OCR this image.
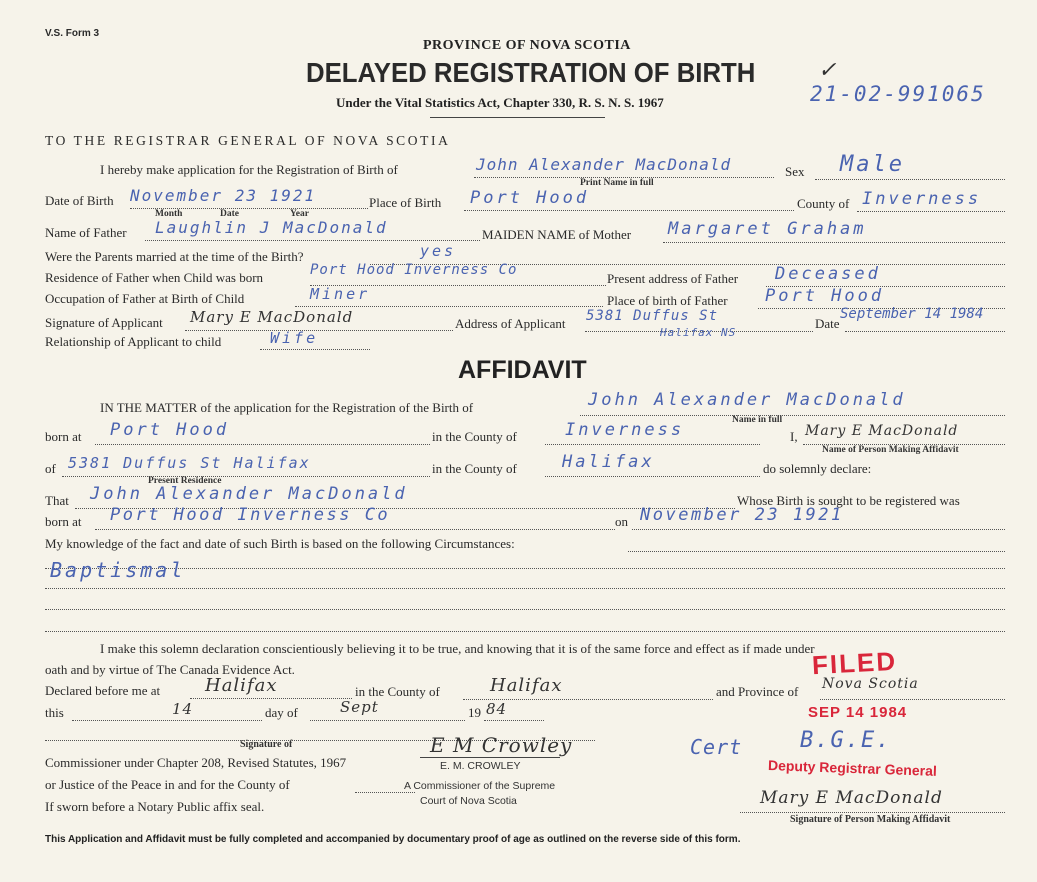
V.S. Form 3
PROVINCE OF NOVA SCOTIA
DELAYED REGISTRATION OF BIRTH	✓
Under the Vital Statistics Act, Chapter 330, R. S. N. S. 1967	21-02-991065
TO THE REGISTRAR GENERAL OF NOVA SCOTIA
I hereby make application for the Registration of Birth of	John Alexander MacDonald	Sex Male
Print Name in full
Date of Birth November 23 1921	Place of Birth Port Hood	County of Inverness
Month	Date	Year
Name of Father Laughlin J MacDonald	MAIDEN NAME of Mother Margaret Graham
Were the Parents married at the time of the Birth?	yes
Residence of Father when Child was born	Port Hood Inverness Co
Present address of Father Deceased
Occupation of Father at Birth of Child	Miner	Place of birth of Father Port Hood
Signature of Applicant Mary E MacDonald	Address of Applicant 5381 Duffus St
Halifax NS
Date
September 14 1984
Relationship of Applicant to child	Wife
AFFIDAVIT
IN THE MATTER of the application for the Registration of the Birth of	John Alexander MacDonald
Name in full
born at Port Hood	in the County of	Inverness	I, Mary E MacDonald
Name of Person Making Affidavit
of 5381 Duffus St Halifax	in the County of	Halifax	do solemnly declare:
Present Residence
That John Alexander MacDonald	Whose Birth is sought to be registered was
born at Port Hood Inverness Co	on November 23 1921
My knowledge of the fact and date of such Birth is based on the following Circumstances:
Baptismal
I make this solemn declaration conscientiously believing it to be true, and knowing that it is of the same force and effect as if made under
oath and by virtue of The Canada Evidence Act.
Declared before me at Halifax	in the County of	Halifax	and Province of Nova Scotia
this	14	day of	Sept	19 84
Signature of
Commissioner under Chapter 208, Revised Statutes, 1967
or Justice of the Peace in and for the County of
If sworn before a Notary Public affix seal.
E M Crowley
E. M. CROWLEY
A Commissioner of the Supreme
Court of Nova Scotia
FILED
SEP 14 1984
Cert	B.G.E.
Deputy Registrar General
Mary E MacDonald
Signature of Person Making Affidavit
This Application and Affidavit must be fully completed and accompanied by documentary proof of age as outlined on the reverse side of this form.
